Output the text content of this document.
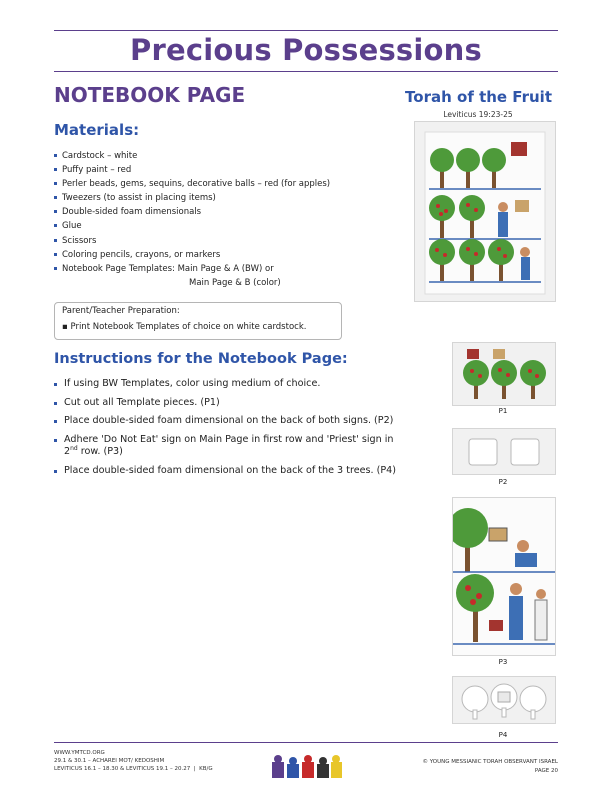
Precious Possessions
NOTEBOOK PAGE	Torah of the Fruit
Leviticus 19:23-25
Materials:
Cardstock – white
Puffy paint – red
Perler beads, gems, sequins, decorative balls – red (for apples)
Tweezers (to assist in placing items)
Double-sided foam dimensionals
Glue
Scissors
Coloring pencils, crayons, or markers
Notebook Page Templates: Main Page & A (BW) or
Main Page & B (color)
Parent/Teacher Preparation:
▪ Print Notebook Templates of choice on white cardstock.
Instructions for the Notebook Page:
If using BW Templates, color using medium of choice.
Cut out all Template pieces. (P1)
Place double-sided foam dimensional on the back of both signs. (P2)
Adhere 'Do Not Eat' sign on Main Page in first row and 'Priest' sign in
2nd row. (P3)
Place double-sided foam dimensional on the back of the 3 trees. (P4)
P1
P2
P3
P4
WWW.YMTCD.ORG
29.1 & 30.1 – ACHAREI MOT/ KEDOSHIM
LEVITICUS 16.1 – 18.30 & LEVITICUS 19.1 – 20.27 | KB/G
© YOUNG MESSIANIC TORAH OBSERVANT ISRAEL
PAGE 20
